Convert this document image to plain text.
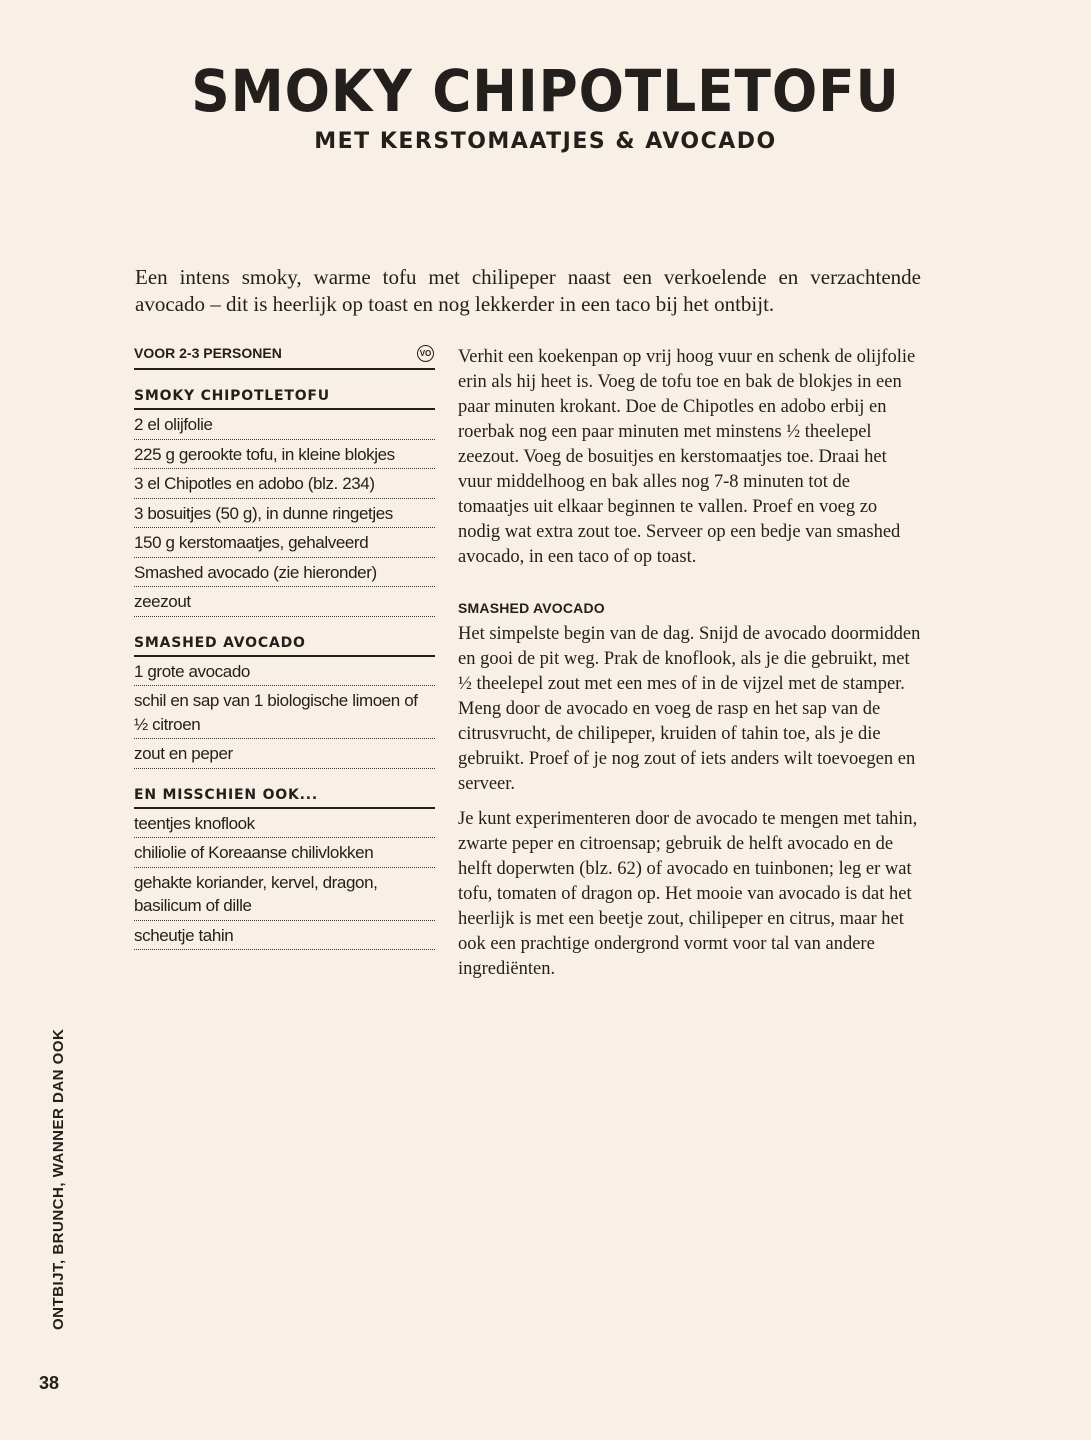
SMOKY CHIPOTLETOFU
MET KERSTOMAATJES & AVOCADO

Een intens smoky, warme tofu met chilipeper naast een verkoelende en verzachtende avocado – dit is heerlijk op toast en nog lekkerder in een taco bij het ontbijt.

VOOR 2-3 PERSONEN	VO
SMOKY CHIPOTLETOFU
2 el olijfolie
225 g gerookte tofu, in kleine blokjes
3 el Chipotles en adobo (blz. 234)
3 bosuitjes (50 g), in dunne ringetjes
150 g kerstomaatjes, gehalveerd
Smashed avocado (zie hieronder)
zeezout
SMASHED AVOCADO
1 grote avocado
schil en sap van 1 biologische limoen of ½ citroen
zout en peper
EN MISSCHIEN OOK...
teentjes knoflook
chiliolie of Koreaanse chilivlokken
gehakte koriander, kervel, dragon, basilicum of dille
scheutje tahin

Verhit een koekenpan op vrij hoog vuur en schenk de olijfolie erin als hij heet is. Voeg de tofu toe en bak de blokjes in een paar minuten krokant. Doe de Chipotles en adobo erbij en roerbak nog een paar minuten met minstens ½ theelepel zeezout. Voeg de bosuitjes en kerstomaatjes toe. Draai het vuur middelhoog en bak alles nog 7-8 minuten tot de tomaatjes uit elkaar beginnen te vallen. Proef en voeg zo nodig wat extra zout toe. Serveer op een bedje van smashed avocado, in een taco of op toast.

SMASHED AVOCADO

Het simpelste begin van de dag. Snijd de avocado doormidden en gooi de pit weg. Prak de knoflook, als je die gebruikt, met ½ theelepel zout met een mes of in de vijzel met de stamper. Meng door de avocado en voeg de rasp en het sap van de citrusvrucht, de chilipeper, kruiden of tahin toe, als je die gebruikt. Proef of je nog zout of iets anders wilt toevoegen en serveer.

Je kunt experimenteren door de avocado te mengen met tahin, zwarte peper en citroensap; gebruik de helft avocado en de helft doperwten (blz. 62) of avocado en tuinbonen; leg er wat tofu, tomaten of dragon op. Het mooie van avocado is dat het heerlijk is met een beetje zout, chilipeper en citrus, maar het ook een prachtige ondergrond vormt voor tal van andere ingrediënten.

ONTBIJT, BRUNCH, WANNER DAN OOK
38
